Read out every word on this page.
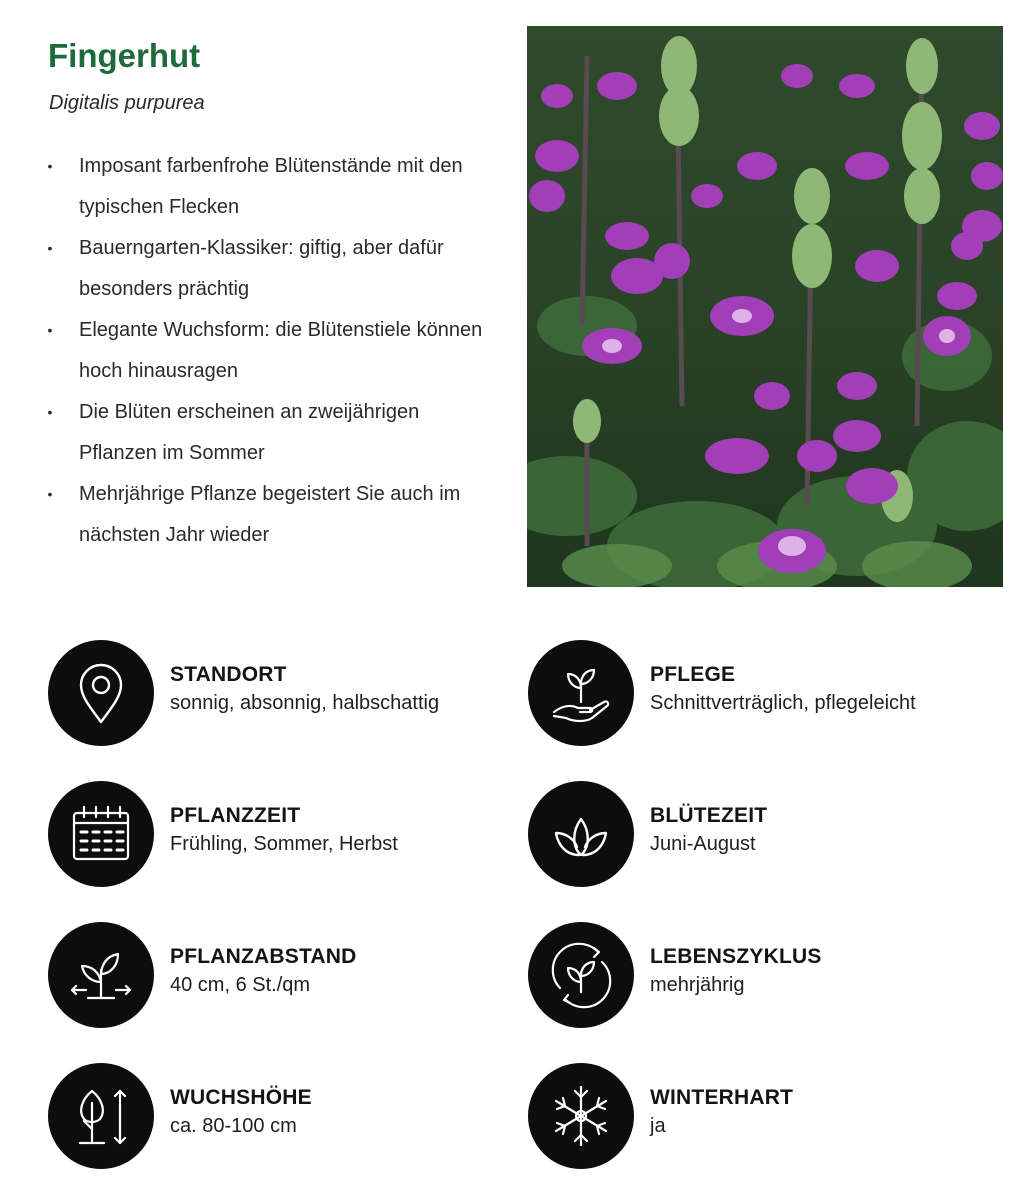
Fingerhut

Digitalis purpurea

• Imposant farbenfrohe Blütenstände mit den typischen Flecken
• Bauerngarten-Klassiker: giftig, aber dafür besonders prächtig
• Elegante Wuchsform: die Blütenstiele können hoch hinausragen
• Die Blüten erscheinen an zweijährigen Pflanzen im Sommer
• Mehrjährige Pflanze begeistert Sie auch im nächsten Jahr wieder
STANDORT
sonnig, absonnig, halbschattig
PFLEGE
Schnittverträglich, pflegeleicht
PFLANZZEIT
Frühling, Sommer, Herbst
BLÜTEZEIT
Juni-August
PFLANZABSTAND
40 cm, 6 St./qm
LEBENSZYKLUS
mehrjährig
WUCHSHÖHE
ca. 80-100 cm
WINTERHART
ja
